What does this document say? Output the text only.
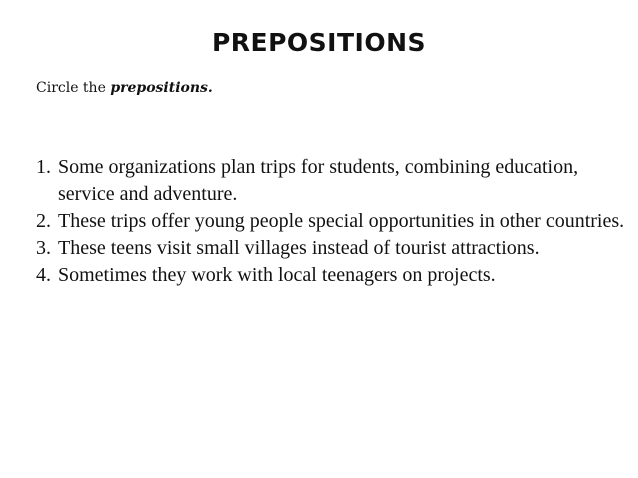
PREPOSITIONS
Circle the prepositions.
1. Some organizations plan trips for students, combining education, service and adventure.
2. These trips offer young people special opportunities in other countries.
3. These teens visit small villages instead of tourist attractions.
4. Sometimes they work with local teenagers on projects.
